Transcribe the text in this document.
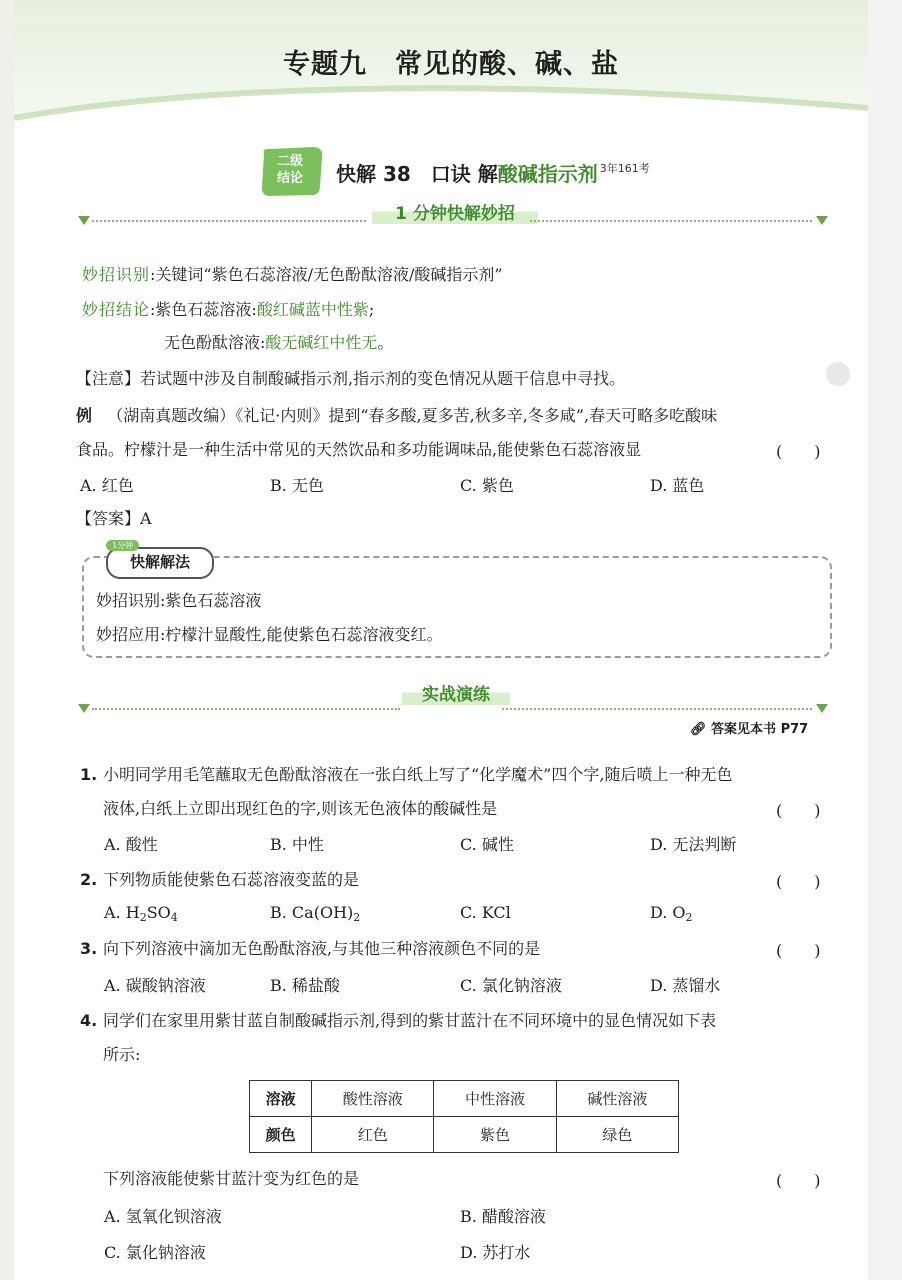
专题九　常见的酸、碱、盐
二级
结论	快解 38　口诀 解酸碱指示剂 $^{3年161考}$
1 分钟快解妙招
妙招识别:关键词“紫色石蕊溶液/无色酚酞溶液/酸碱指示剂”
妙招结论:紫色石蕊溶液:酸红碱蓝中性紫;
无色酚酞溶液:酸无碱红中性无。
【注意】若试题中涉及自制酸碱指示剂,指示剂的变色情况从题干信息中寻找。
例 （湖南真题改编）《礼记·内则》提到“春多酸,夏多苦,秋多辛,冬多咸”,春天可略多吃酸味
食品。柠檬汁是一种生活中常见的天然饮品和多功能调味品,能使紫色石蕊溶液显	(　　)
A. 红色	B. 无色	C. 紫色	D. 蓝色
【答案】A
快解解法
1分钟
妙招识别:紫色石蕊溶液
妙招应用:柠檬汁显酸性,能使紫色石蕊溶液变红。
实战演练
🔗︎ 答案见本书 P77
1. 小明同学用毛笔蘸取无色酚酞溶液在一张白纸上写了“化学魔术”四个字,随后喷上一种无色
液体,白纸上立即出现红色的字,则该无色液体的酸碱性是	(　　)
A. 酸性	B. 中性	C. 碱性	D. 无法判断
2. 下列物质能使紫色石蕊溶液变蓝的是	(　　)
A. $H_2SO_4$	B. $Ca(OH)_2$	C. KCl	D. $O_2$
3. 向下列溶液中滴加无色酚酞溶液,与其他三种溶液颜色不同的是	(　　)
A. 碳酸钠溶液	B. 稀盐酸	C. 氯化钠溶液	D. 蒸馏水
4. 同学们在家里用紫甘蓝自制酸碱指示剂,得到的紫甘蓝汁在不同环境中的显色情况如下表
所示:
溶液	酸性溶液	中性溶液	碱性溶液
颜色	红色	紫色	绿色
下列溶液能使紫甘蓝汁变为红色的是	(　　)
A. 氢氧化钡溶液	B. 醋酸溶液
C. 氯化钠溶液	D. 苏打水
